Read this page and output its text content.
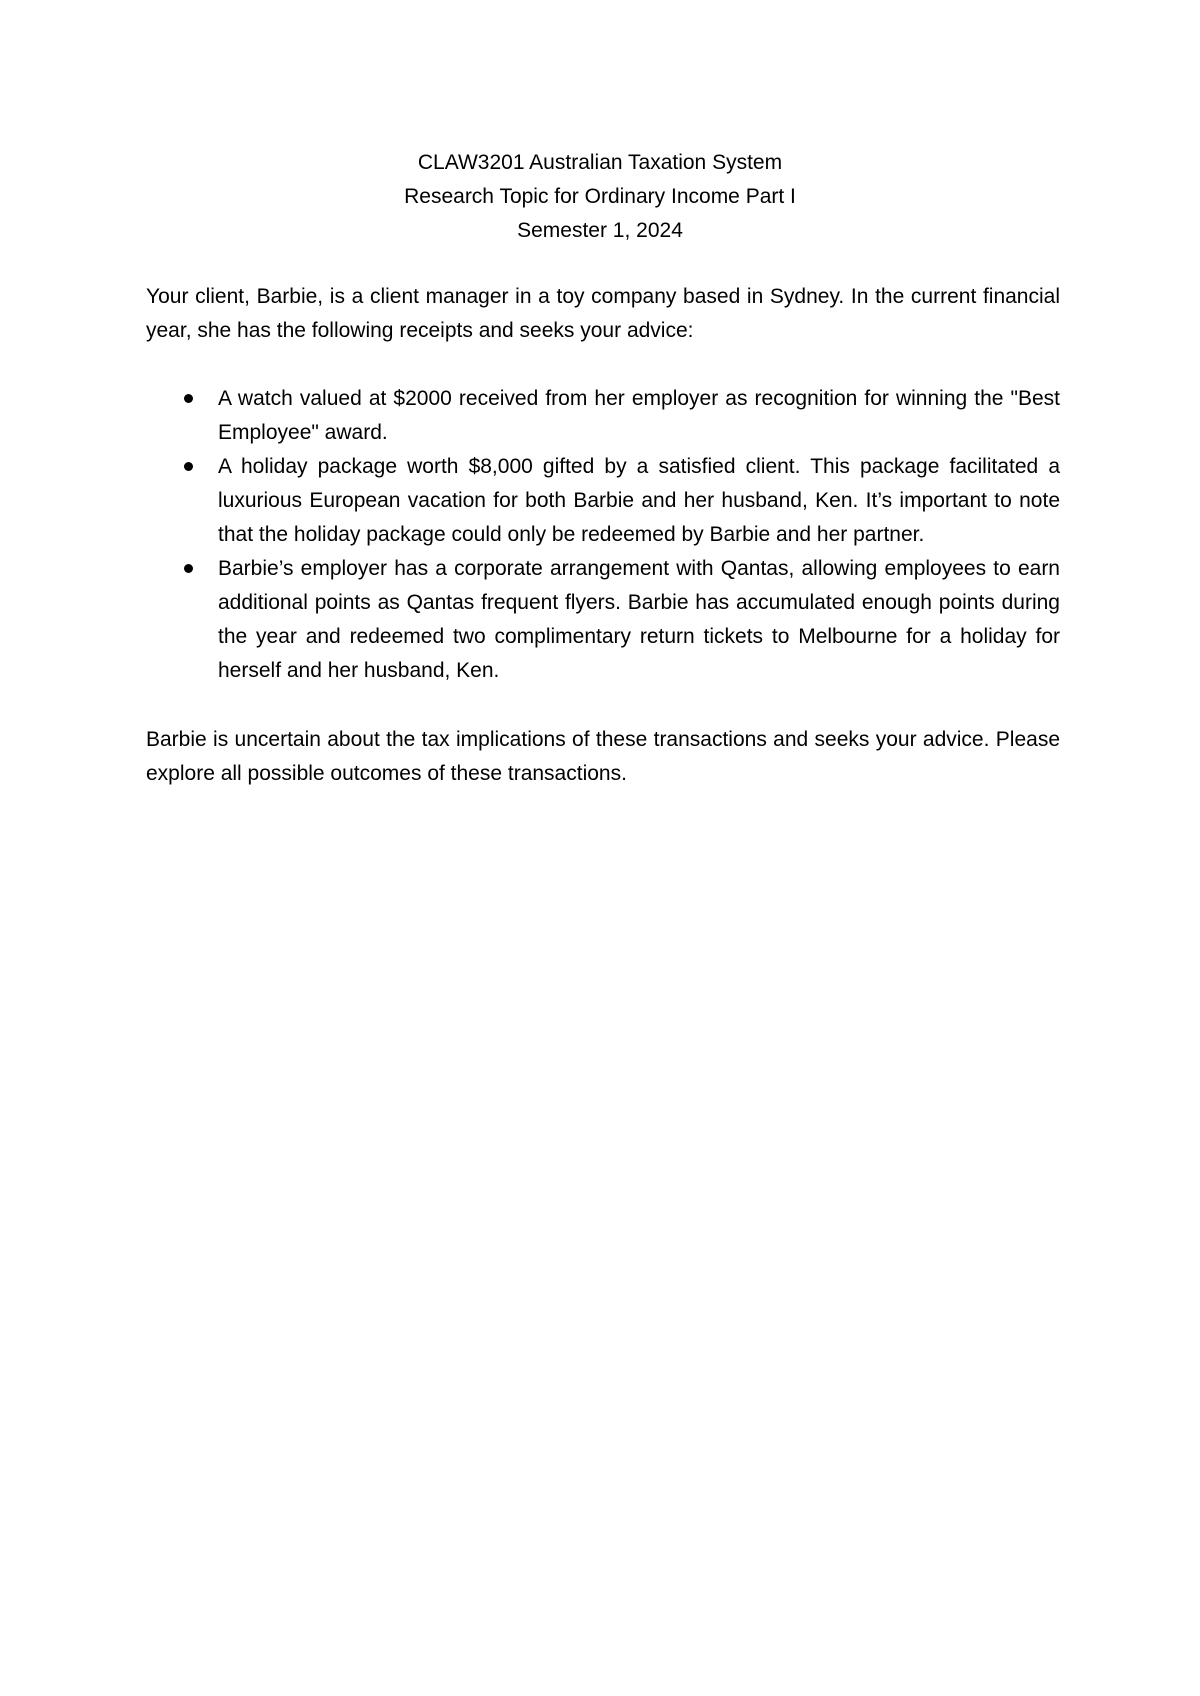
CLAW3201 Australian Taxation System
Research Topic for Ordinary Income Part I
Semester 1, 2024
Your client, Barbie, is a client manager in a toy company based in Sydney. In the current financial year, she has the following receipts and seeks your advice:
A watch valued at $2000 received from her employer as recognition for winning the "Best Employee" award.
A holiday package worth $8,000 gifted by a satisfied client. This package facilitated a luxurious European vacation for both Barbie and her husband, Ken. It’s important to note that the holiday package could only be redeemed by Barbie and her partner.
Barbie’s employer has a corporate arrangement with Qantas, allowing employees to earn additional points as Qantas frequent flyers. Barbie has accumulated enough points during the year and redeemed two complimentary return tickets to Melbourne for a holiday for herself and her husband, Ken.
Barbie is uncertain about the tax implications of these transactions and seeks your advice. Please explore all possible outcomes of these transactions.
